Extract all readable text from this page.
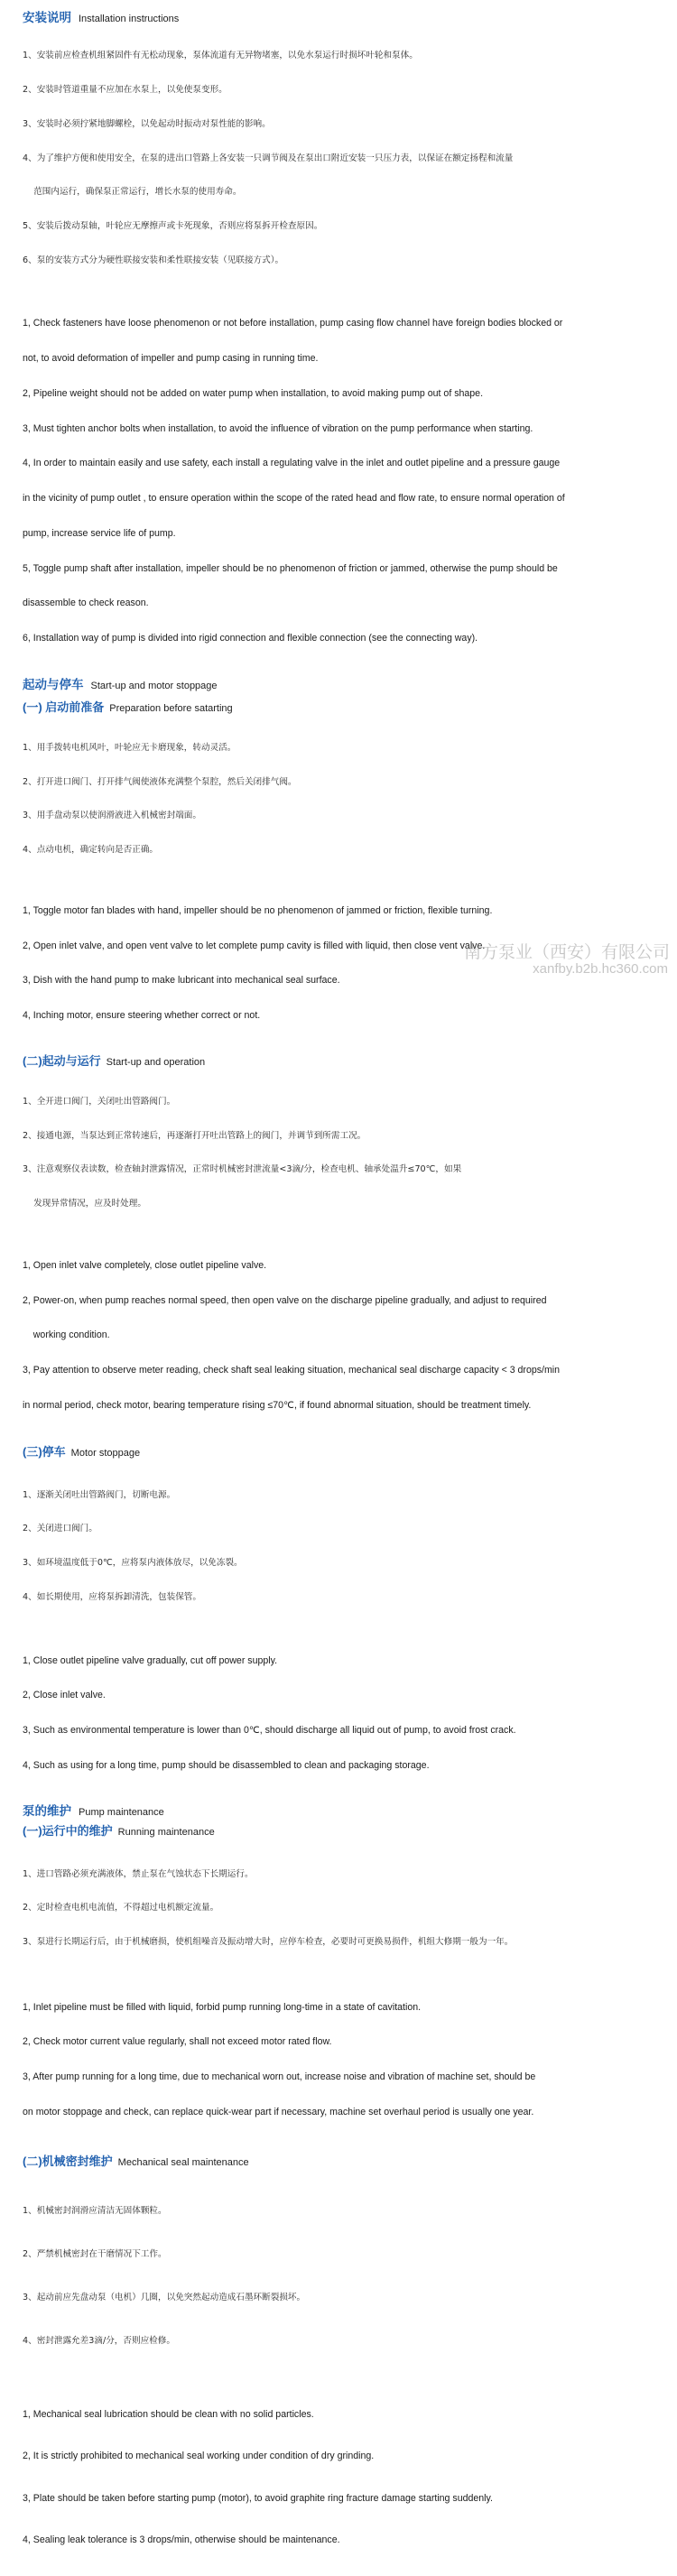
安装说明 Installation instructions

1、安装前应检查机组紧固件有无松动现象，泵体流道有无异物堵塞，以免水泵运行时损坏叶轮和泵体。

2、安装时管道重量不应加在水泵上，以免使泵变形。

3、安装时必须拧紧地脚螺栓，以免起动时振动对泵性能的影响。

4、为了维护方便和使用安全，在泵的进出口管路上各安装一只调节阀及在泵出口附近安装一只压力表，以保证在额定扬程和流量

范围内运行，确保泵正常运行，增长水泵的使用寿命。

5、安装后拨动泵轴，叶轮应无摩擦声或卡死现象，否则应将泵拆开检查原因。

6、泵的安装方式分为硬性联接安装和柔性联接安装（见联接方式）。

1, Check fasteners have loose phenomenon or not before installation, pump casing flow channel have foreign bodies blocked or

not, to avoid deformation of impeller and pump casing in running time.

2, Pipeline weight should not be added on water pump when installation, to avoid making pump out of shape.

3, Must tighten anchor bolts when installation, to avoid the influence of vibration on the pump performance when starting.

4, In order to maintain easily and use safety, each install a regulating valve in the inlet and outlet pipeline and a pressure gauge

in the vicinity of pump outlet , to ensure operation within the scope of the rated head and flow rate, to ensure normal operation of

pump, increase service life of pump.

5, Toggle pump shaft after installation, impeller should be no phenomenon of friction or jammed, otherwise the pump should be

disassemble to check reason.

6, Installation way of pump is divided into rigid connection and flexible connection (see the connecting way).

起动与停车 Start-up and motor stoppage
(一) 启动前准备 Preparation before satarting

1、用手拨转电机风叶，叶轮应无卡磨现象，转动灵活。

2、打开进口阀门、打开排气阀使液体充满整个泵腔，然后关闭排气阀。

3、用手盘动泵以使润滑液进入机械密封端面。

4、点动电机，确定转向是否正确。

1, Toggle motor fan blades with hand, impeller should be no phenomenon of jammed or friction, flexible turning.

2, Open inlet valve, and open vent valve to let complete pump cavity is filled with liquid, then close vent valve.

3, Dish with the hand pump to make lubricant into mechanical seal surface.

4, Inching motor, ensure steering whether correct or not.

(二)起动与运行 Start-up and operation

1、全开进口阀门，关闭吐出管路阀门。

2、接通电源，当泵达到正常转速后，再逐渐打开吐出管路上的阀门，并调节到所需工况。

3、注意观察仪表读数，检查轴封泄露情况，正常时机械密封泄流量<3滴/分，检查电机、轴承处温升≤70℃，如果

发现异常情况，应及时处理。

1, Open inlet valve completely, close outlet pipeline valve.

2, Power-on, when pump reaches normal speed, then open valve on the discharge pipeline gradually, and adjust to required

working condition.

3, Pay attention to observe meter reading, check shaft seal leaking situation, mechanical seal discharge capacity < 3 drops/min

in normal period, check motor, bearing temperature rising ≤70℃, if found abnormal situation, should be treatment timely.

(三)停车 Motor stoppage

1、逐渐关闭吐出管路阀门，切断电源。

2、关闭进口阀门。

3、如环境温度低于0℃，应将泵内液体放尽，以免冻裂。

4、如长期使用，应将泵拆卸清洗，包装保管。

1, Close outlet pipeline valve gradually, cut off power supply.

2, Close inlet valve.

3, Such as environmental temperature is lower than 0℃, should discharge all liquid out of pump, to avoid frost crack.

4, Such as using for a long time, pump should be disassembled to clean and packaging storage.

泵的维护 Pump maintenance
(一)运行中的维护 Running maintenance

1、进口管路必须充满液体，禁止泵在气蚀状态下长期运行。

2、定时检查电机电流值，不得超过电机额定流量。

3、泵进行长期运行后，由于机械磨损，使机组噪音及振动增大时，应停车检查，必要时可更换易损件，机组大修期一般为一年。

1, Inlet pipeline must be filled with liquid, forbid pump running long-time in a state of cavitation.

2, Check motor current value regularly, shall not exceed motor rated flow.

3, After pump running for a long time, due to mechanical worn out, increase noise and vibration of machine set, should be

on motor stoppage and check, can replace quick-wear part if necessary, machine set overhaul period is usually one year.

(二)机械密封维护 Mechanical seal maintenance

1、机械密封润滑应清洁无固体颗粒。

2、严禁机械密封在干磨情况下工作。

3、起动前应先盘动泵（电机）几圈，以免突然起动造成石墨环断裂损坏。

4、密封泄露允差3滴/分，否则应检修。

1, Mechanical seal lubrication should be clean with no solid particles.

2, It is strictly prohibited to mechanical seal working under condition of dry grinding.

3, Plate should be taken before starting pump (motor), to avoid graphite ring fracture damage starting suddenly.

4, Sealing leak tolerance is 3 drops/min, otherwise should be maintenance.

南方泵业（西安）有限公司
xanfby.b2b.hc360.com
